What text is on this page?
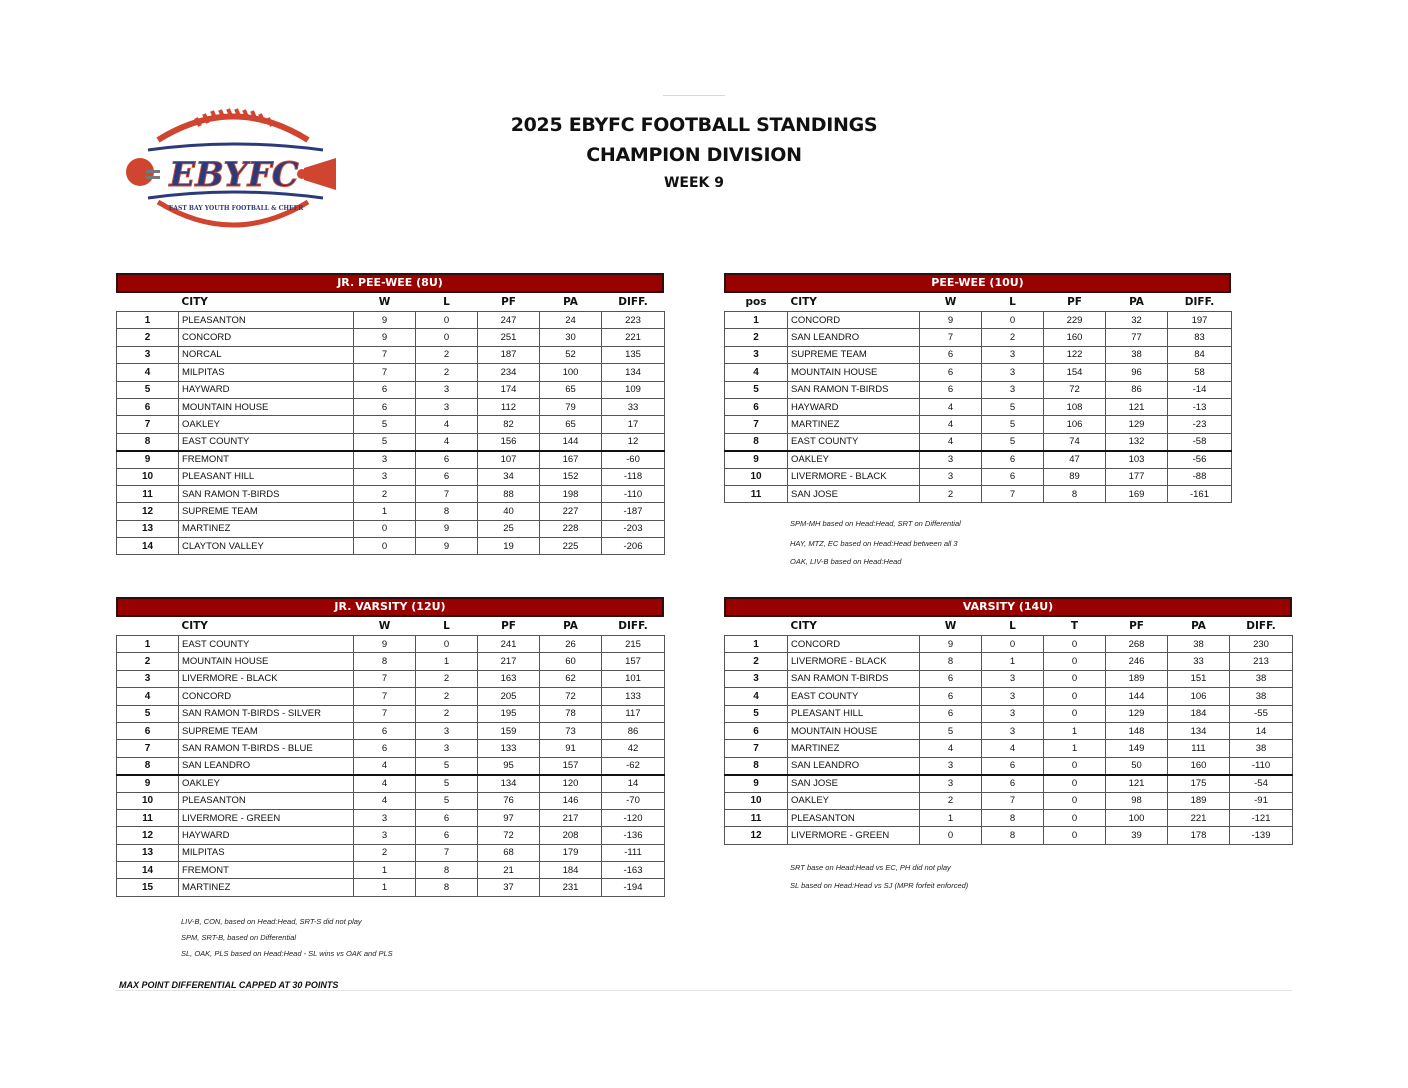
EBYFC
EAST BAY YOUTH FOOTBALL & CHEER
2025 EBYFC FOOTBALL STANDINGS
CHAMPION DIVISION
WEEK 9
JR. PEE-WEE (8U)
	CITY	W	L	PF	PA	DIFF.
1	PLEASANTON	9	0	247	24	223
2	CONCORD	9	0	251	30	221
3	NORCAL	7	2	187	52	135
4	MILPITAS	7	2	234	100	134
5	HAYWARD	6	3	174	65	109
6	MOUNTAIN HOUSE	6	3	112	79	33
7	OAKLEY	5	4	82	65	17
8	EAST COUNTY	5	4	156	144	12
9	FREMONT	3	6	107	167	-60
10	PLEASANT HILL	3	6	34	152	-118
11	SAN RAMON T-BIRDS	2	7	88	198	-110
12	SUPREME TEAM	1	8	40	227	-187
13	MARTINEZ	0	9	25	228	-203
14	CLAYTON VALLEY	0	9	19	225	-206
PEE-WEE (10U)
pos	CITY	W	L	PF	PA	DIFF.
1	CONCORD	9	0	229	32	197
2	SAN LEANDRO	7	2	160	77	83
3	SUPREME TEAM	6	3	122	38	84
4	MOUNTAIN HOUSE	6	3	154	96	58
5	SAN RAMON T-BIRDS	6	3	72	86	-14
6	HAYWARD	4	5	108	121	-13
7	MARTINEZ	4	5	106	129	-23
8	EAST COUNTY	4	5	74	132	-58
9	OAKLEY	3	6	47	103	-56
10	LIVERMORE - BLACK	3	6	89	177	-88
11	SAN JOSE	2	7	8	169	-161
SPM-MH based on Head:Head, SRT on Differential
HAY, MTZ, EC based on Head:Head between all 3
OAK, LIV-B based on Head:Head
JR. VARSITY (12U)
	CITY	W	L	PF	PA	DIFF.
1	EAST COUNTY	9	0	241	26	215
2	MOUNTAIN HOUSE	8	1	217	60	157
3	LIVERMORE - BLACK	7	2	163	62	101
4	CONCORD	7	2	205	72	133
5	SAN RAMON T-BIRDS - SILVER	7	2	195	78	117
6	SUPREME TEAM	6	3	159	73	86
7	SAN RAMON T-BIRDS - BLUE	6	3	133	91	42
8	SAN LEANDRO	4	5	95	157	-62
9	OAKLEY	4	5	134	120	14
10	PLEASANTON	4	5	76	146	-70
11	LIVERMORE - GREEN	3	6	97	217	-120
12	HAYWARD	3	6	72	208	-136
13	MILPITAS	2	7	68	179	-111
14	FREMONT	1	8	21	184	-163
15	MARTINEZ	1	8	37	231	-194
LIV-B, CON, based on Head:Head, SRT-S did not play
SPM, SRT-B, based on Differential
SL, OAK, PLS based on Head:Head - SL wins vs OAK and PLS
VARSITY (14U)
	CITY	W	L	T	PF	PA	DIFF.
1	CONCORD	9	0	0	268	38	230
2	LIVERMORE - BLACK	8	1	0	246	33	213
3	SAN RAMON T-BIRDS	6	3	0	189	151	38
4	EAST COUNTY	6	3	0	144	106	38
5	PLEASANT HILL	6	3	0	129	184	-55
6	MOUNTAIN HOUSE	5	3	1	148	134	14
7	MARTINEZ	4	4	1	149	111	38
8	SAN LEANDRO	3	6	0	50	160	-110
9	SAN JOSE	3	6	0	121	175	-54
10	OAKLEY	2	7	0	98	189	-91
11	PLEASANTON	1	8	0	100	221	-121
12	LIVERMORE - GREEN	0	8	0	39	178	-139
SRT base on Head:Head vs EC, PH did not play
SL based on Head:Head vs SJ (MPR forfeit enforced)
MAX POINT DIFFERENTIAL CAPPED AT 30 POINTS
